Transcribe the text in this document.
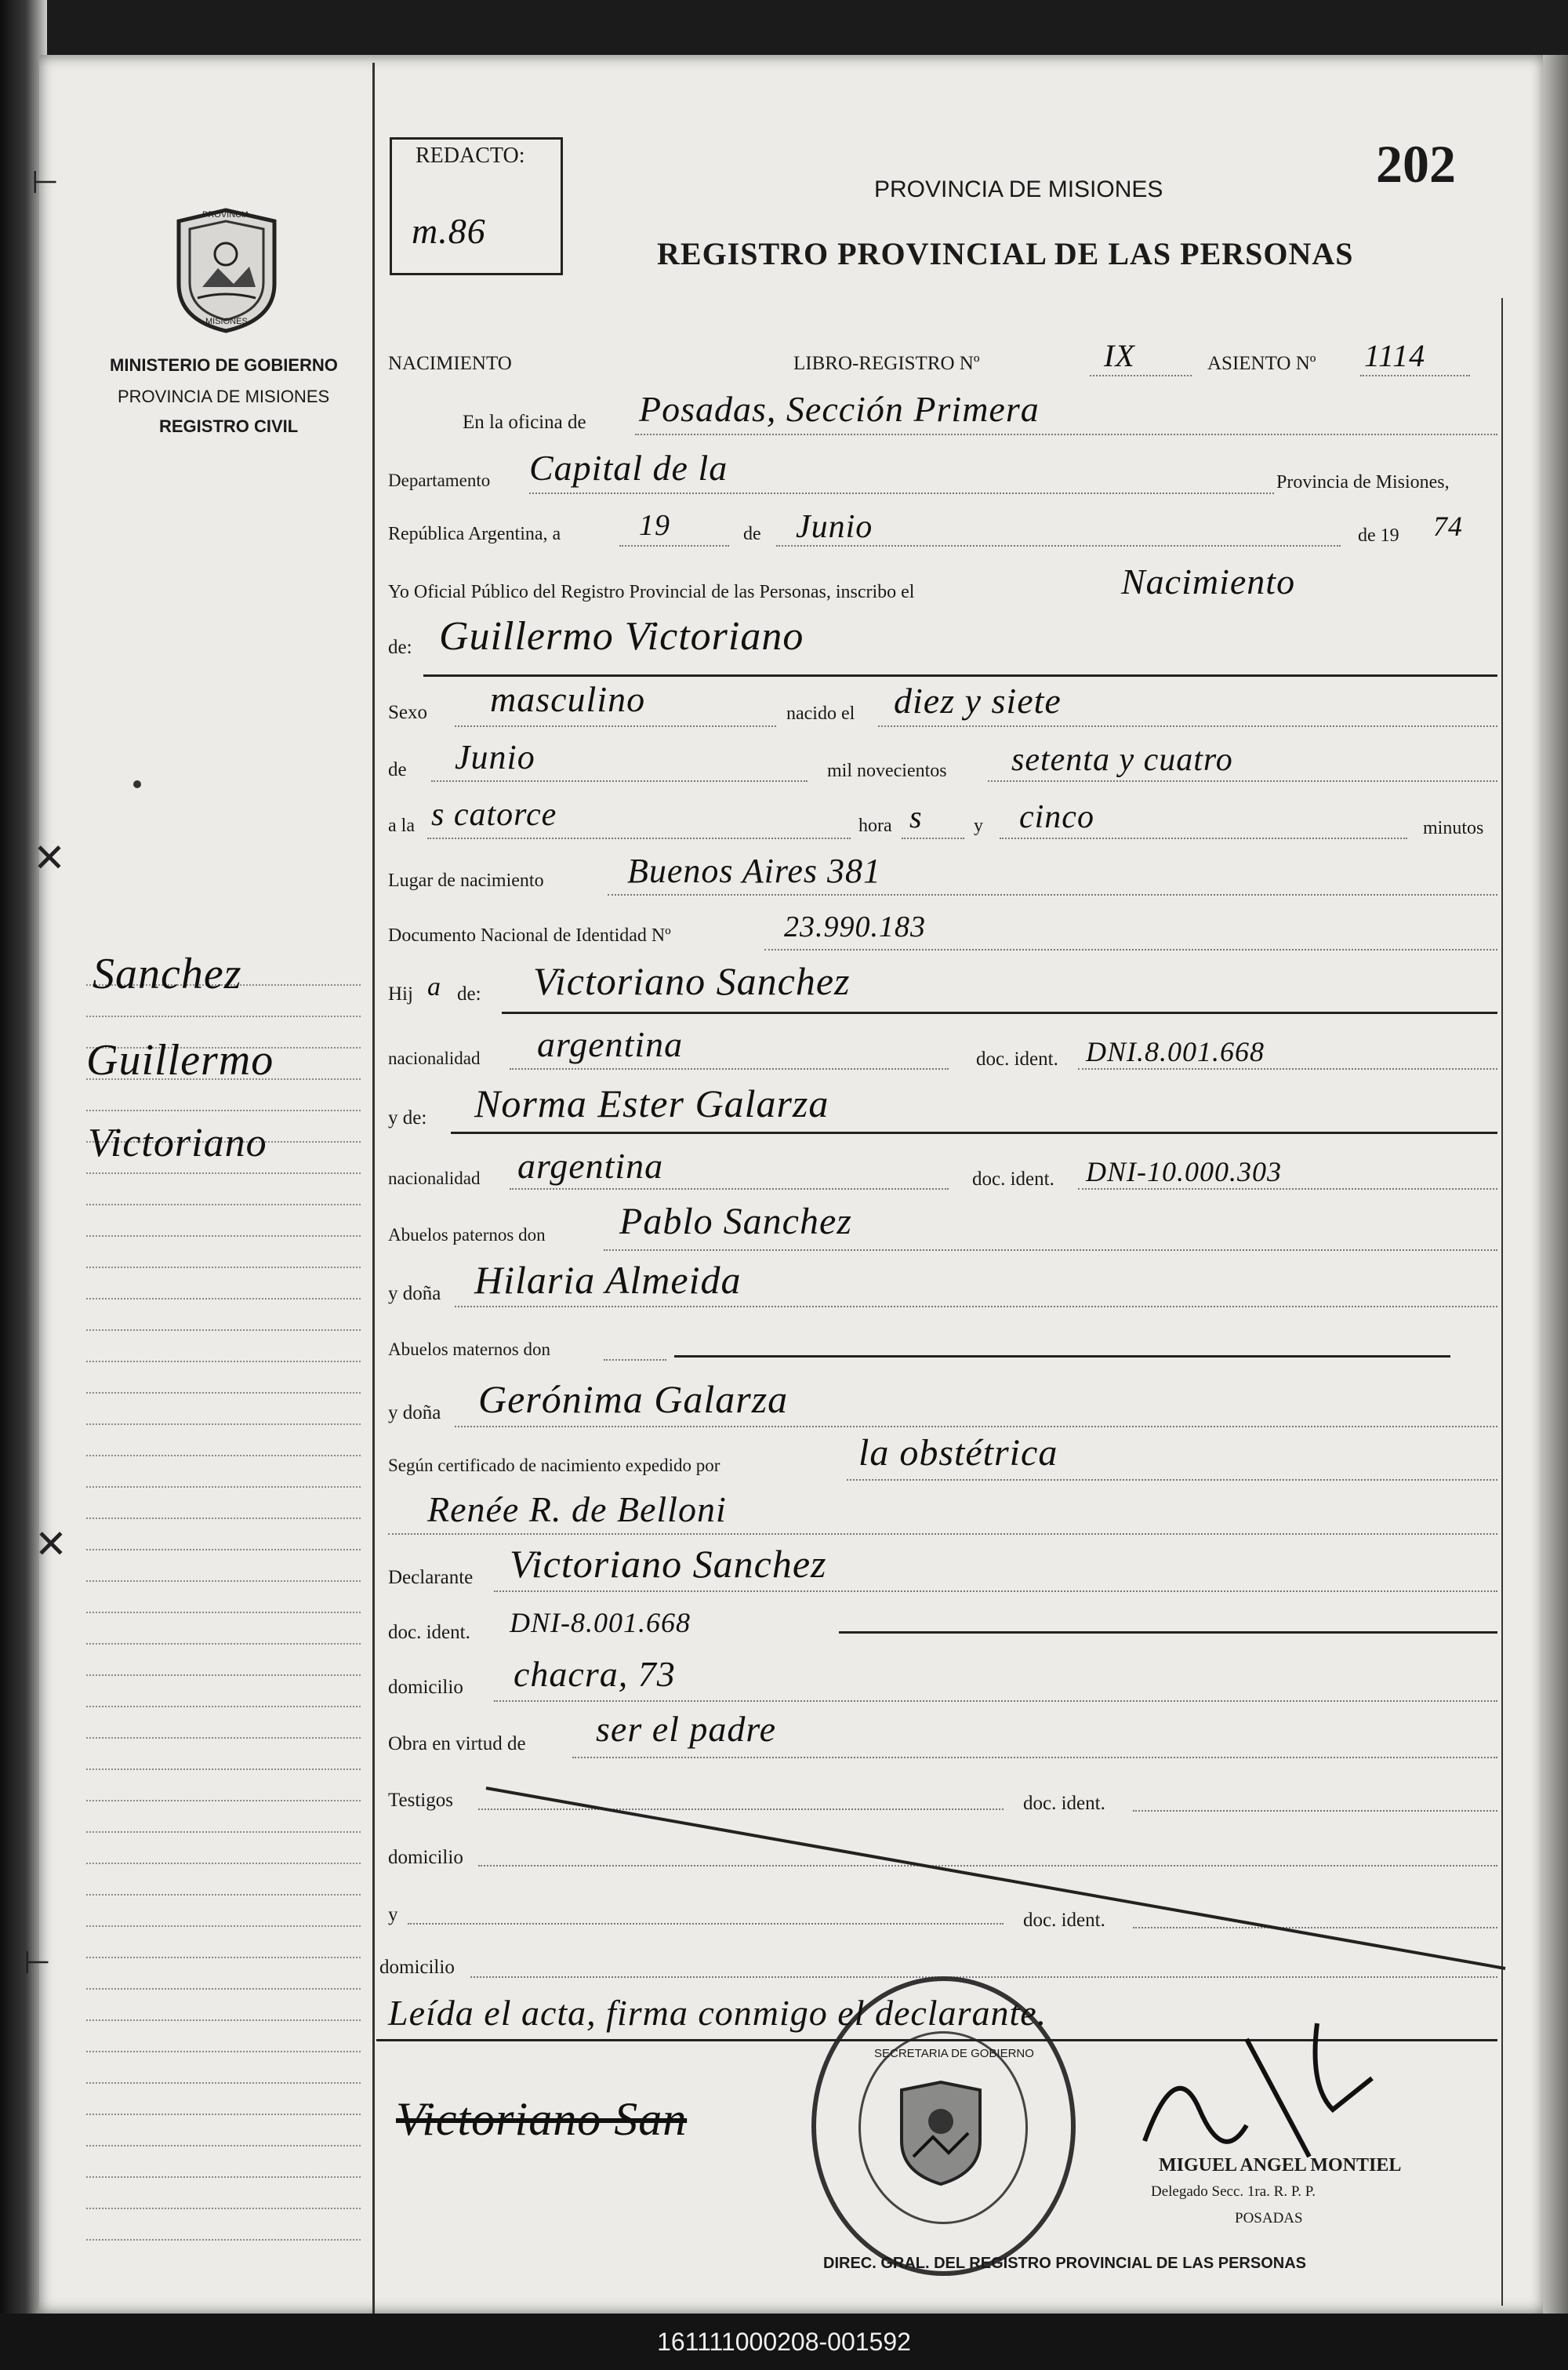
⊢
✕
✕
⊢
REDACTO:
m.86
202
PROVINCIA DE MISIONES
REGISTRO PROVINCIAL DE LAS PERSONAS
PROVINCIA
MISIONES
MINISTERIO DE GOBIERNO
PROVINCIA DE MISIONES
REGISTRO CIVIL
Sanchez
Guillermo
Victoriano
NACIMIENTO	LIBRO-REGISTRO Nº	IX	ASIENTO Nº 1114
En la oficina de Posadas, Sección Primera
Departamento Capital de la	Provincia de Misiones,
República Argentina, a	19	de Junio	de 19 74
Yo Oficial Público del Registro Provincial de las Personas, inscribo el	Nacimiento
de: Guillermo Victoriano
Sexo masculino	nacido el diez y siete
de Junio	mil novecientos setenta y cuatro
a la s catorce	hora s	y cinco	minutos
Lugar de nacimiento Buenos Aires 381
Documento Nacional de Identidad Nº	23.990.183
Hij a de: Victoriano Sanchez
nacionalidad argentina	doc. ident. DNI.8.001.668
y de: Norma Ester Galarza
nacionalidad argentina	doc. ident. DNI-10.000.303
Abuelos paternos don Pablo Sanchez
y doña Hilaria Almeida
Abuelos maternos don
y doña Gerónima Galarza
Según certificado de nacimiento expedido por	la obstétrica
Renée R. de Belloni
Declarante Victoriano Sanchez
doc. ident. DNI-8.001.668
domicilio chacra, 73
Obra en virtud de ser el padre
Testigos	doc. ident.
domicilio
y	doc. ident.
domicilio
DIREC. GRAL. DEL REGISTRO PROVINCIAL DE LAS PERSONAS
SECRETARIA DE GOBIERNO
Leída el acta, firma conmigo el declarante.
Victoriano San
MIGUEL ANGEL MONTIEL
Delegado Secc. 1ra. R. P. P.
POSADAS
161111000208-001592
